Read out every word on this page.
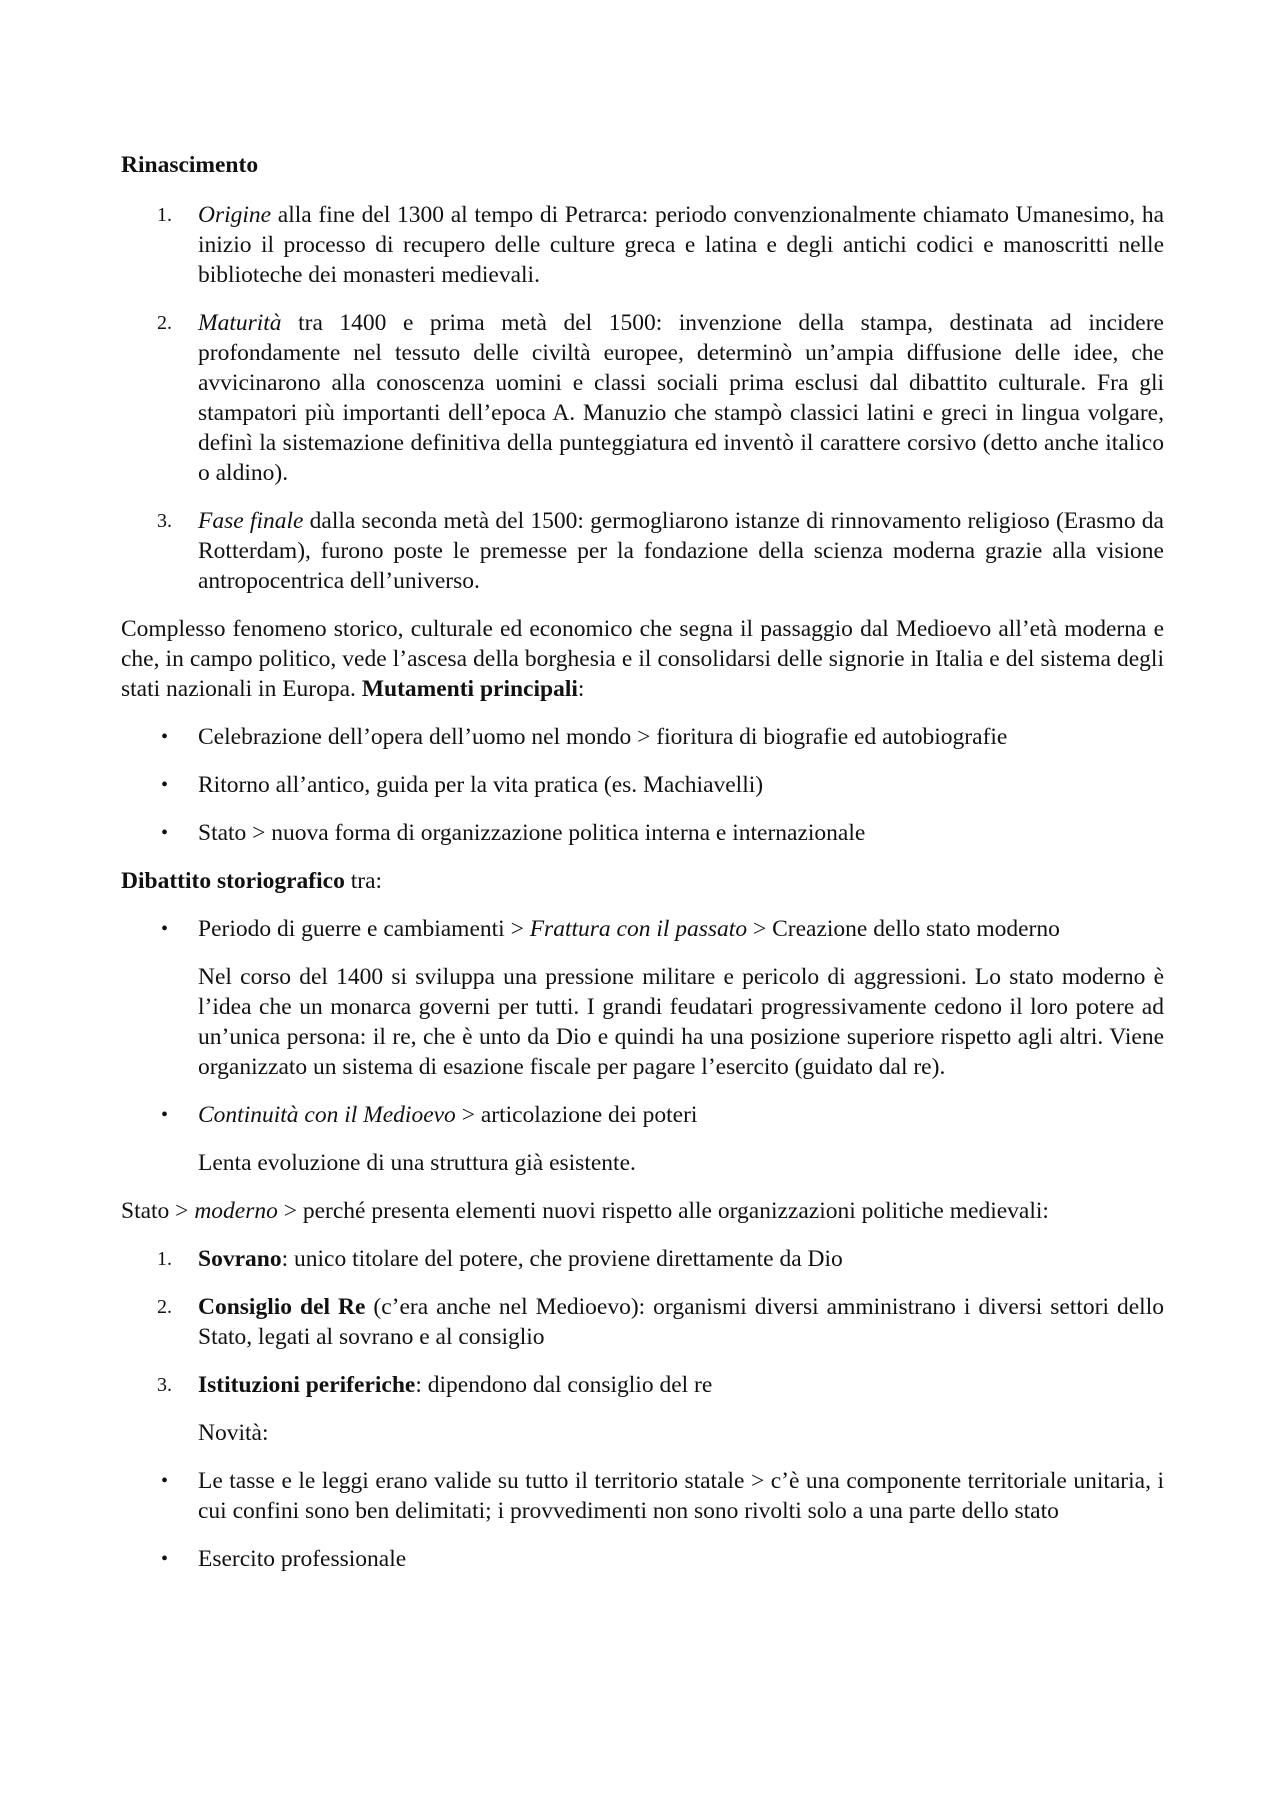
Rinascimento

1.	Origine alla fine del 1300 al tempo di Petrarca: periodo convenzionalmente chiamato Umanesimo, ha inizio il processo di recupero delle culture greca e latina e degli antichi codici e manoscritti nelle biblioteche dei monasteri medievali.

2.	Maturità tra 1400 e prima metà del 1500: invenzione della stampa, destinata ad incidere profondamente nel tessuto delle civiltà europee, determinò un’ampia diffusione delle idee, che avvicinarono alla conoscenza uomini e classi sociali prima esclusi dal dibattito culturale. Fra gli stampatori più importanti dell’epoca A. Manuzio che stampò classici latini e greci in lingua volgare, definì la sistemazione definitiva della punteggiatura ed inventò il carattere corsivo (detto anche italico o aldino).

3.	Fase finale dalla seconda metà del 1500: germogliarono istanze di rinnovamento religioso (Erasmo da Rotterdam), furono poste le premesse per la fondazione della scienza moderna grazie alla visione antropocentrica dell’universo.

Complesso fenomeno storico, culturale ed economico che segna il passaggio dal Medioevo all’età moderna e che, in campo politico, vede l’ascesa della borghesia e il consolidarsi delle signorie in Italia e del sistema degli stati nazionali in Europa. Mutamenti principali:

•	Celebrazione dell’opera dell’uomo nel mondo > fioritura di biografie ed autobiografie

•	Ritorno all’antico, guida per la vita pratica (es. Machiavelli)

•	Stato > nuova forma di organizzazione politica interna e internazionale

Dibattito storiografico tra:

•	Periodo di guerre e cambiamenti > Frattura con il passato > Creazione dello stato moderno

Nel corso del 1400 si sviluppa una pressione militare e pericolo di aggressioni. Lo stato moderno è l’idea che un monarca governi per tutti. I grandi feudatari progressivamente cedono il loro potere ad un’unica persona: il re, che è unto da Dio e quindi ha una posizione superiore rispetto agli altri. Viene organizzato un sistema di esazione fiscale per pagare l’esercito (guidato dal re).

•	Continuità con il Medioevo > articolazione dei poteri

Lenta evoluzione di una struttura già esistente.

Stato > moderno > perché presenta elementi nuovi rispetto alle organizzazioni politiche medievali:

1.	Sovrano: unico titolare del potere, che proviene direttamente da Dio

2.	Consiglio del Re (c’era anche nel Medioevo): organismi diversi amministrano i diversi settori dello Stato, legati al sovrano e al consiglio

3.	Istituzioni periferiche: dipendono dal consiglio del re

Novità:

•	Le tasse e le leggi erano valide su tutto il territorio statale > c’è una componente territoriale unitaria, i cui confini sono ben delimitati; i provvedimenti non sono rivolti solo a una parte dello stato

•	Esercito professionale
